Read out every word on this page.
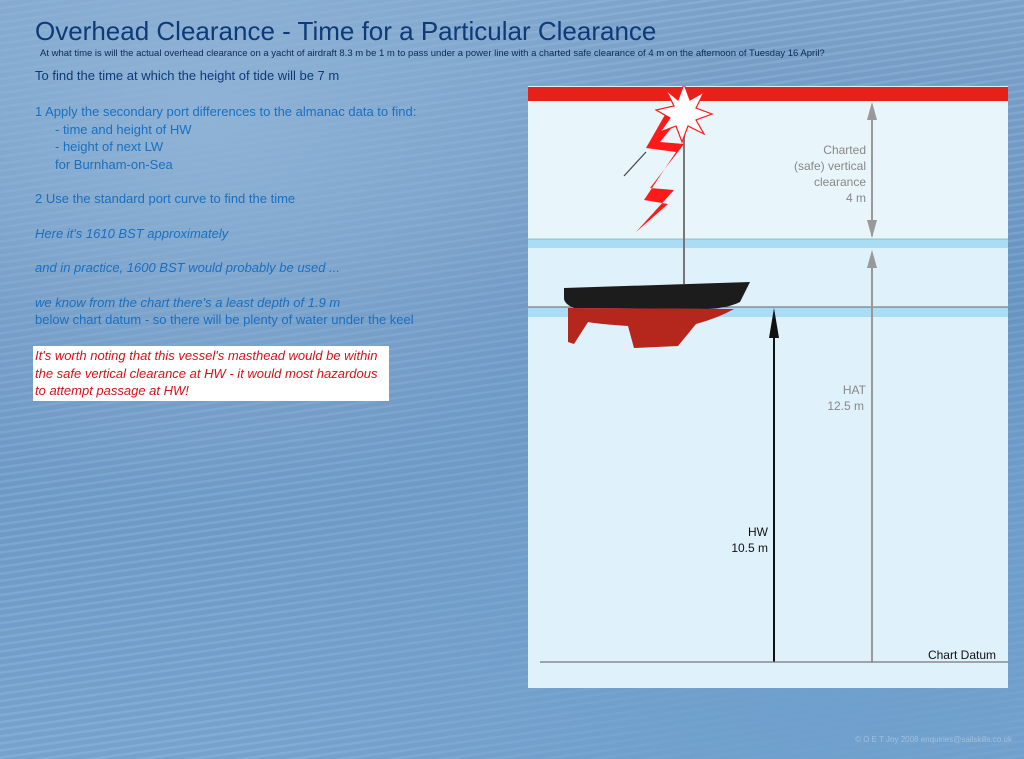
Overhead Clearance - Time for a Particular Clearance
At what time is will the actual overhead clearance on a yacht of airdraft 8.3 m be 1 m to pass under a power line with a charted safe clearance of 4 m on the afternoon of Tuesday 16 April?
To find the time at which the height of tide will be 7 m
1 Apply the secondary port differences to the almanac data to find:
- time and height of HW
- height of next LW
for Burnham-on-Sea
2 Use the standard port curve to find the time
Here it's 1610 BST approximately
and in practice, 1600 BST would probably be used ...
we know from the chart there's a least depth of 1.9 m
below chart datum - so there will be plenty of water under the keel
It's worth noting that this vessel's masthead would be within the safe vertical clearance at HW - it would most hazardous to attempt passage at HW!
Charted
(safe) vertical
clearance
4 m
HAT
12.5 m
HW
10.5 m
Chart Datum
© O E T Joy 2008 enquiries@sailskills.co.uk
